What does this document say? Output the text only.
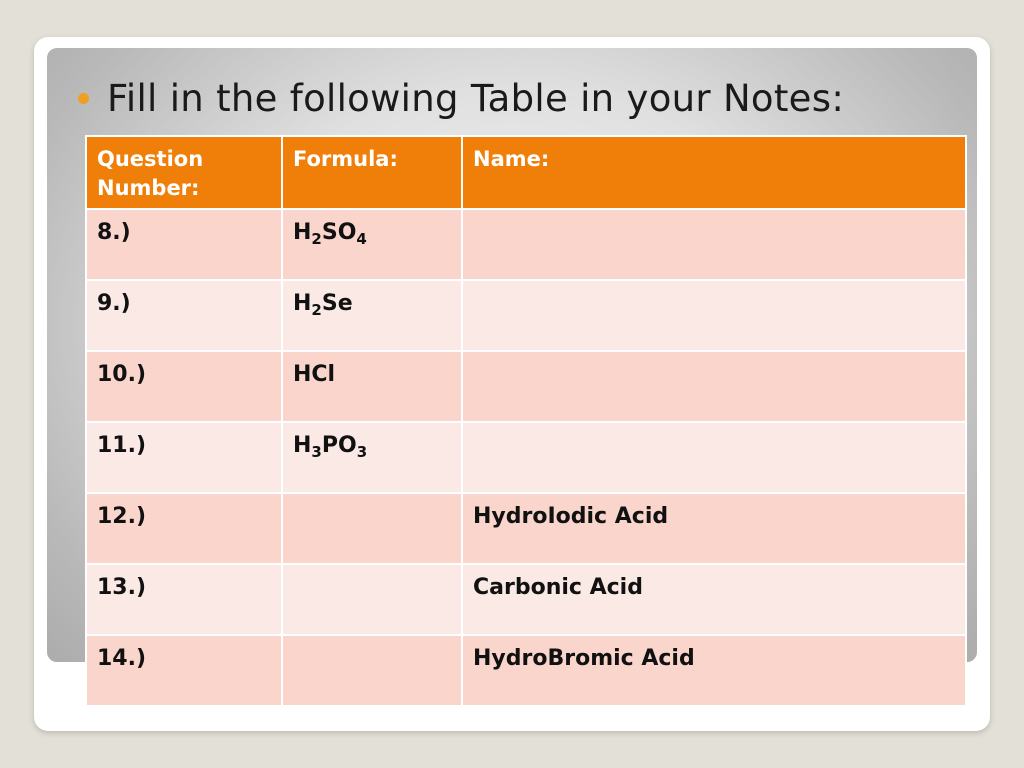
Fill in the following Table in your Notes:
Question
Number:	Formula:	Name:
8.)	$H_2SO_4$	
9.)	$H_2Se$	
10.)	HCl	
11.)	$H_3PO_3$	
12.)		HydroIodic Acid
13.)		Carbonic Acid
14.)		HydroBromic Acid
